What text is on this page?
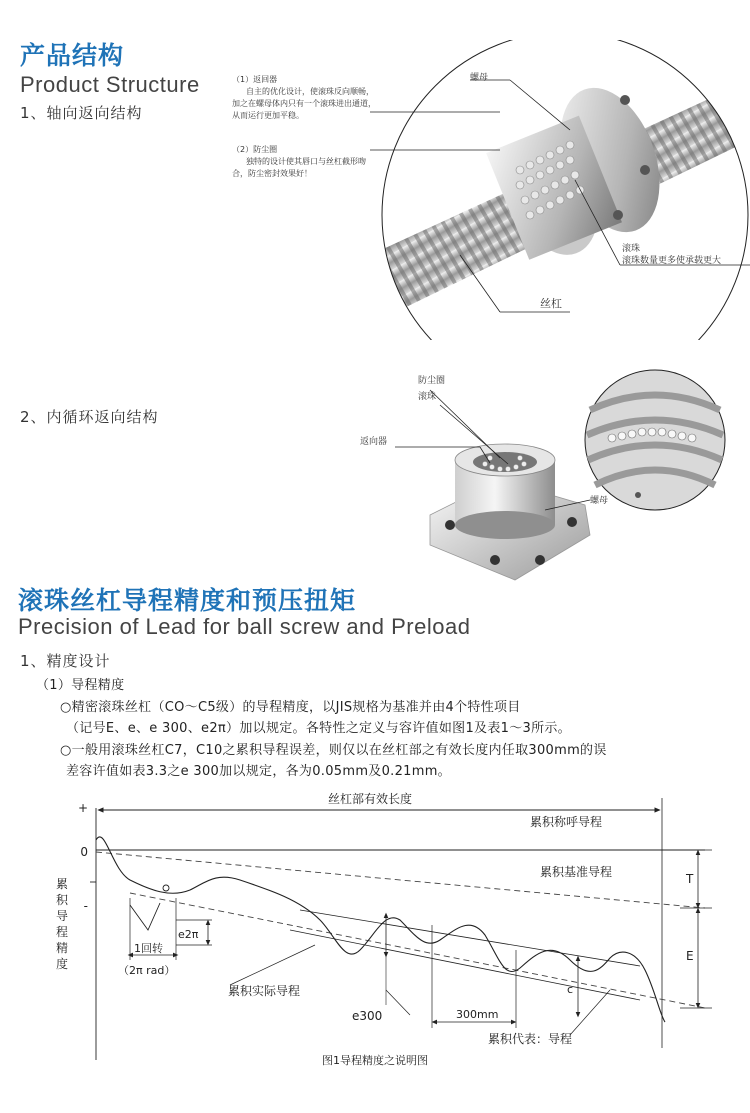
产品结构
Product Structure
1、轴向返向结构
（1）返回器
自主的优化设计，使滚珠反向顺畅，
加之在螺母体内只有一个滚珠进出通道，
从而运行更加平稳。
（2）防尘圈
独特的设计使其唇口与丝杠截形吻
合，防尘密封效果好！
螺母
滚珠
滚珠数量更多使承载更大
丝杠
2、内循环返向结构
防尘圈
滚珠
返向器
螺母
滚珠丝杠导程精度和预压扭矩
Precision of Lead for ball screw and Preload
1、精度设计
（1）导程精度
○精密滚珠丝杠（CO～C5级）的导程精度，以JIS规格为基准并由4个特性项目
（记号E、e、e 300、e2π）加以规定。各特性之定义与容许值如图1及表1～3所示。
○一般用滚珠丝杠C7，C10之累积导程误差，则仅以在丝杠部之有效长度内任取300mm的误
差容许值如表3.3之e 300加以规定，各为0.05mm及0.21mm。
+
0
-
丝杠部有效长度
累积称呼导程
累积基准导程
累积实际导程
累积代表：导程
e2π
1回转
（2π rad）
e300	300mm
c
T
E
累
积
导
程
精
度
图1导程精度之说明图
